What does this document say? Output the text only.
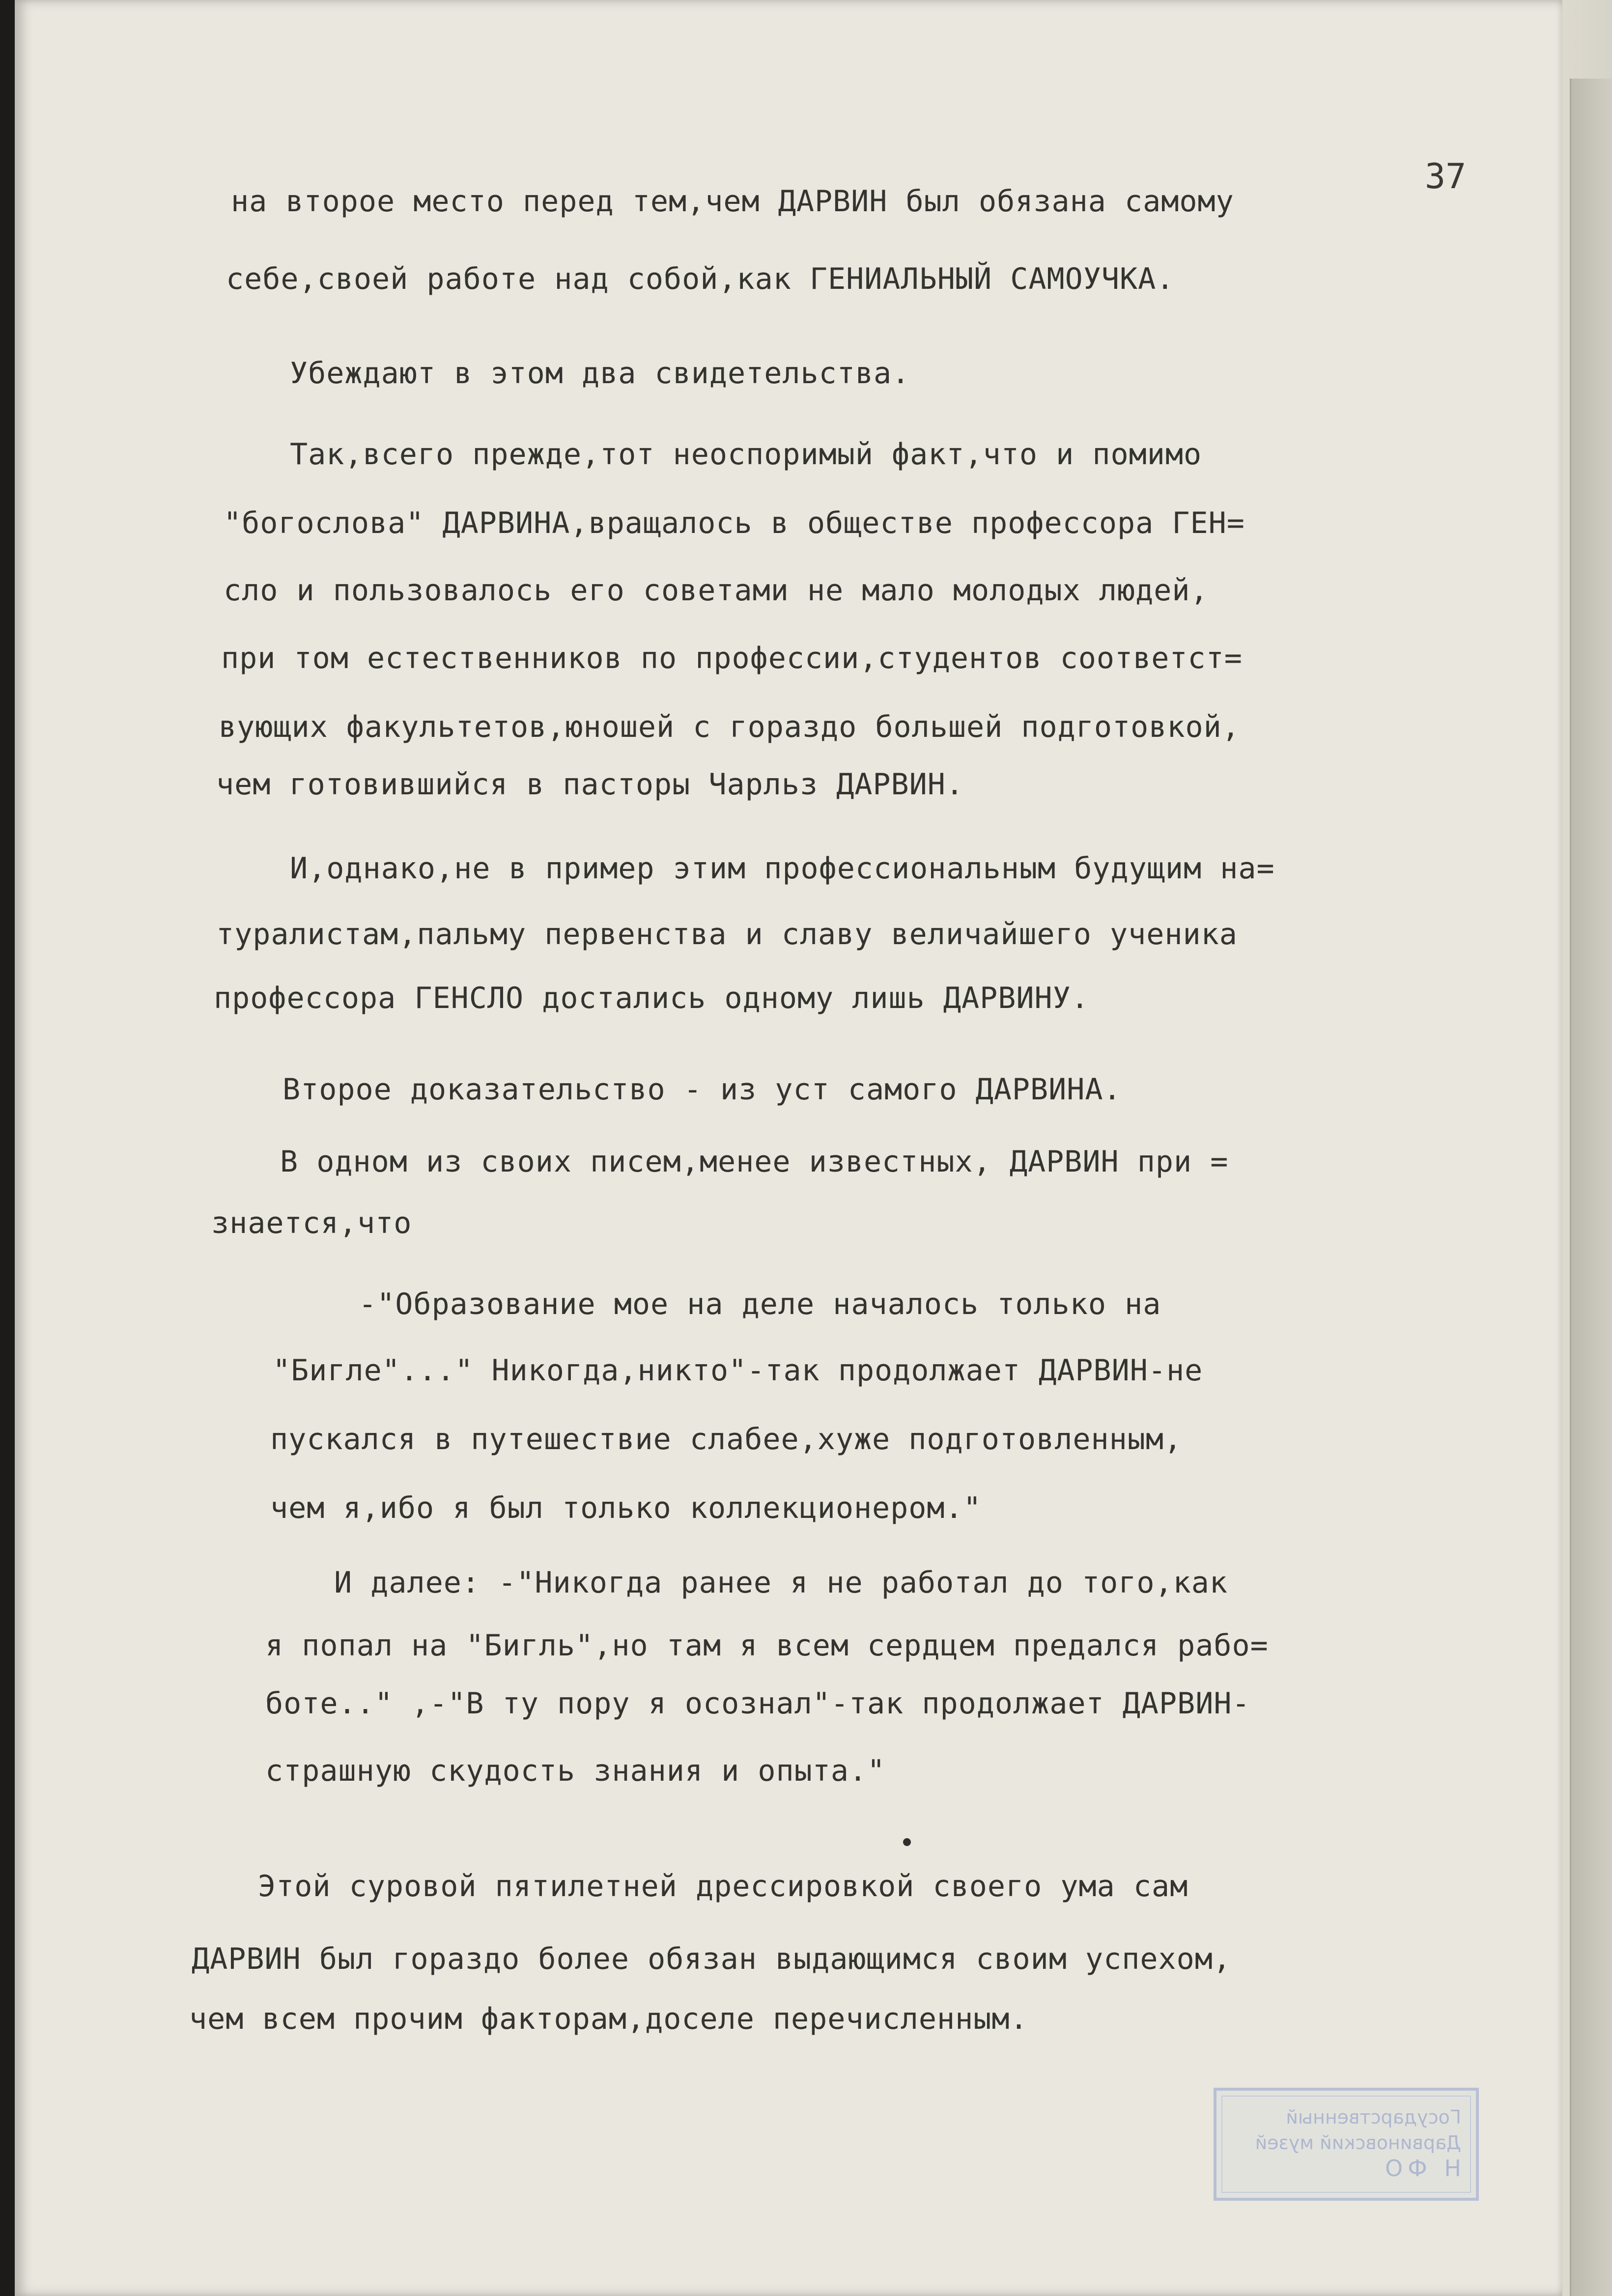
37
на второе место перед тем,чем ДАРВИН был обязана самому
себе,своей работе над собой,как ГЕНИАЛЬНЫЙ САМОУЧКА.
Убеждают в этом два свидетельства.
Так,всего прежде,тот неоспоримый факт,что и помимо
"богослова" ДАРВИНА,вращалось в обществе профессора ГЕН=
сло и пользовалось его советами не мало молодых людей,
при том естественников по профессии,студентов соответст=
вующих факультетов,юношей с гораздо большей подготовкой,
чем готовившийся в пасторы Чарльз ДАРВИН.
И,однако,не в пример этим профессиональным будущим на=
туралистам,пальму первенства и славу величайшего ученика
профессора ГЕНСЛО достались одному лишь ДАРВИНУ.
Второе доказательство - из уст самого ДАРВИНА.
В одном из своих писем,менее известных, ДАРВИН при =
знается,что
-"Образование мое на деле началось только на
"Бигле"..." Никогда,никто"-так продолжает ДАРВИН-не
пускался в путешествие слабее,хуже подготовленным,
чем я,ибо я был только коллекционером."
И далее: -"Никогда ранее я не работал до того,как
я попал на "Бигль",но там я всем сердцем предался рабо=
боте.." ,-"В ту пору я осознал"-так продолжает ДАРВИН-
страшную скудость знания и опыта."
Этой суровой пятилетней дрессировкой своего ума сам
ДАРВИН был гораздо более обязан выдающимся своим успехом,
чем всем прочим факторам,доселе перечисленным.
Государственный
Дарвиновский музей
Н ФО
